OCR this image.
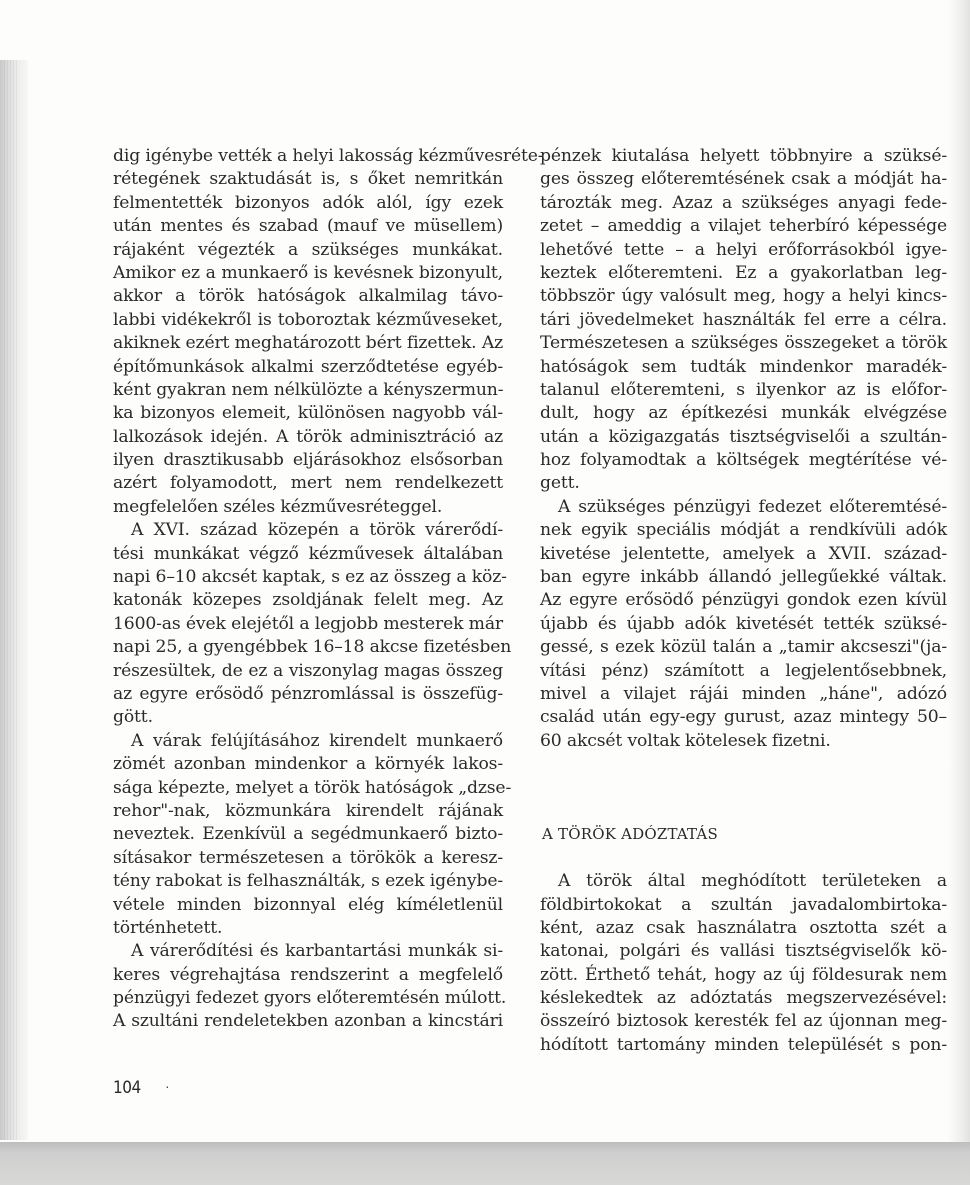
dig igénybe vették a helyi lakosság kézművesréte-
rétegének szaktudását is, s őket nemritkán
felmentették bizonyos adók alól, így ezek
után mentes és szabad (mauf ve müsellem)
rájaként végezték a szükséges munkákat.
Amikor ez a munkaerő is kevésnek bizonyult,
akkor a török hatóságok alkalmilag távo-
labbi vidékekről is toboroztak kézműveseket,
akiknek ezért meghatározott bért fizettek. Az
építőmunkások alkalmi szerződtetése egyéb-
ként gyakran nem nélkülözte a kényszermun-
ka bizonyos elemeit, különösen nagyobb vál-
lalkozások idején. A török adminisztráció az
ilyen drasztikusabb eljárásokhoz elsősorban
azért folyamodott, mert nem rendelkezett
megfelelően széles kézművesréteggel.
A XVI. század közepén a török várerődí-
tési munkákat végző kézművesek általában
napi 6–10 akcsét kaptak, s ez az összeg a köz-
katonák közepes zsoldjának felelt meg. Az
1600-as évek elejétől a legjobb mesterek már
napi 25, a gyengébbek 16–18 akcse fizetésben
részesültek, de ez a viszonylag magas összeg
az egyre erősödő pénzromlással is összefüg-
gött.
A várak felújításához kirendelt munkaerő
zömét azonban mindenkor a környék lakos-
sága képezte, melyet a török hatóságok „dzse-
rehor"-nak, közmunkára kirendelt rájának
neveztek. Ezenkívül a segédmunkaerő bizto-
sításakor természetesen a törökök a keresz-
tény rabokat is felhasználták, s ezek igénybe-
vétele minden bizonnyal elég kíméletlenül
történhetett.
A várerődítési és karbantartási munkák si-
keres végrehajtása rendszerint a megfelelő
pénzügyi fedezet gyors előteremtésén múlott.
A szultáni rendeletekben azonban a kincstári
pénzek kiutalása helyett többnyire a szüksé-
ges összeg előteremtésének csak a módját ha-
tározták meg. Azaz a szükséges anyagi fede-
zetet – ameddig a vilajet teherbíró képessége
lehetővé tette – a helyi erőforrásokból igye-
keztek előteremteni. Ez a gyakorlatban leg-
többször úgy valósult meg, hogy a helyi kincs-
tári jövedelmeket használták fel erre a célra.
Természetesen a szükséges összegeket a török
hatóságok sem tudták mindenkor maradék-
talanul előteremteni, s ilyenkor az is előfor-
dult, hogy az építkezési munkák elvégzése
után a közigazgatás tisztségviselői a szultán-
hoz folyamodtak a költségek megtérítése vé-
gett.
A szükséges pénzügyi fedezet előteremtésé-
nek egyik speciális módját a rendkívüli adók
kivetése jelentette, amelyek a XVII. század-
ban egyre inkább állandó jellegűekké váltak.
Az egyre erősödő pénzügyi gondok ezen kívül
újabb és újabb adók kivetését tették szüksé-
gessé, s ezek közül talán a „tamir akcseszi"(ja-
vítási pénz) számított a legjelentősebbnek,
mivel a vilajet rájái minden „háne", adózó
család után egy-egy gurust, azaz mintegy 50–
60 akcsét voltak kötelesek fizetni.
A TÖRÖK ADÓZTATÁS
A török által meghódított területeken a
földbirtokokat a szultán javadalombirtoka-
ként, azaz csak használatra osztotta szét a
katonai, polgári és vallási tisztségviselők kö-
zött. Érthető tehát, hogy az új földesurak nem
késlekedtek az adóztatás megszervezésével:
összeíró biztosok keresték fel az újonnan meg-
hódított tartomány minden települését s pon-
104 ·
